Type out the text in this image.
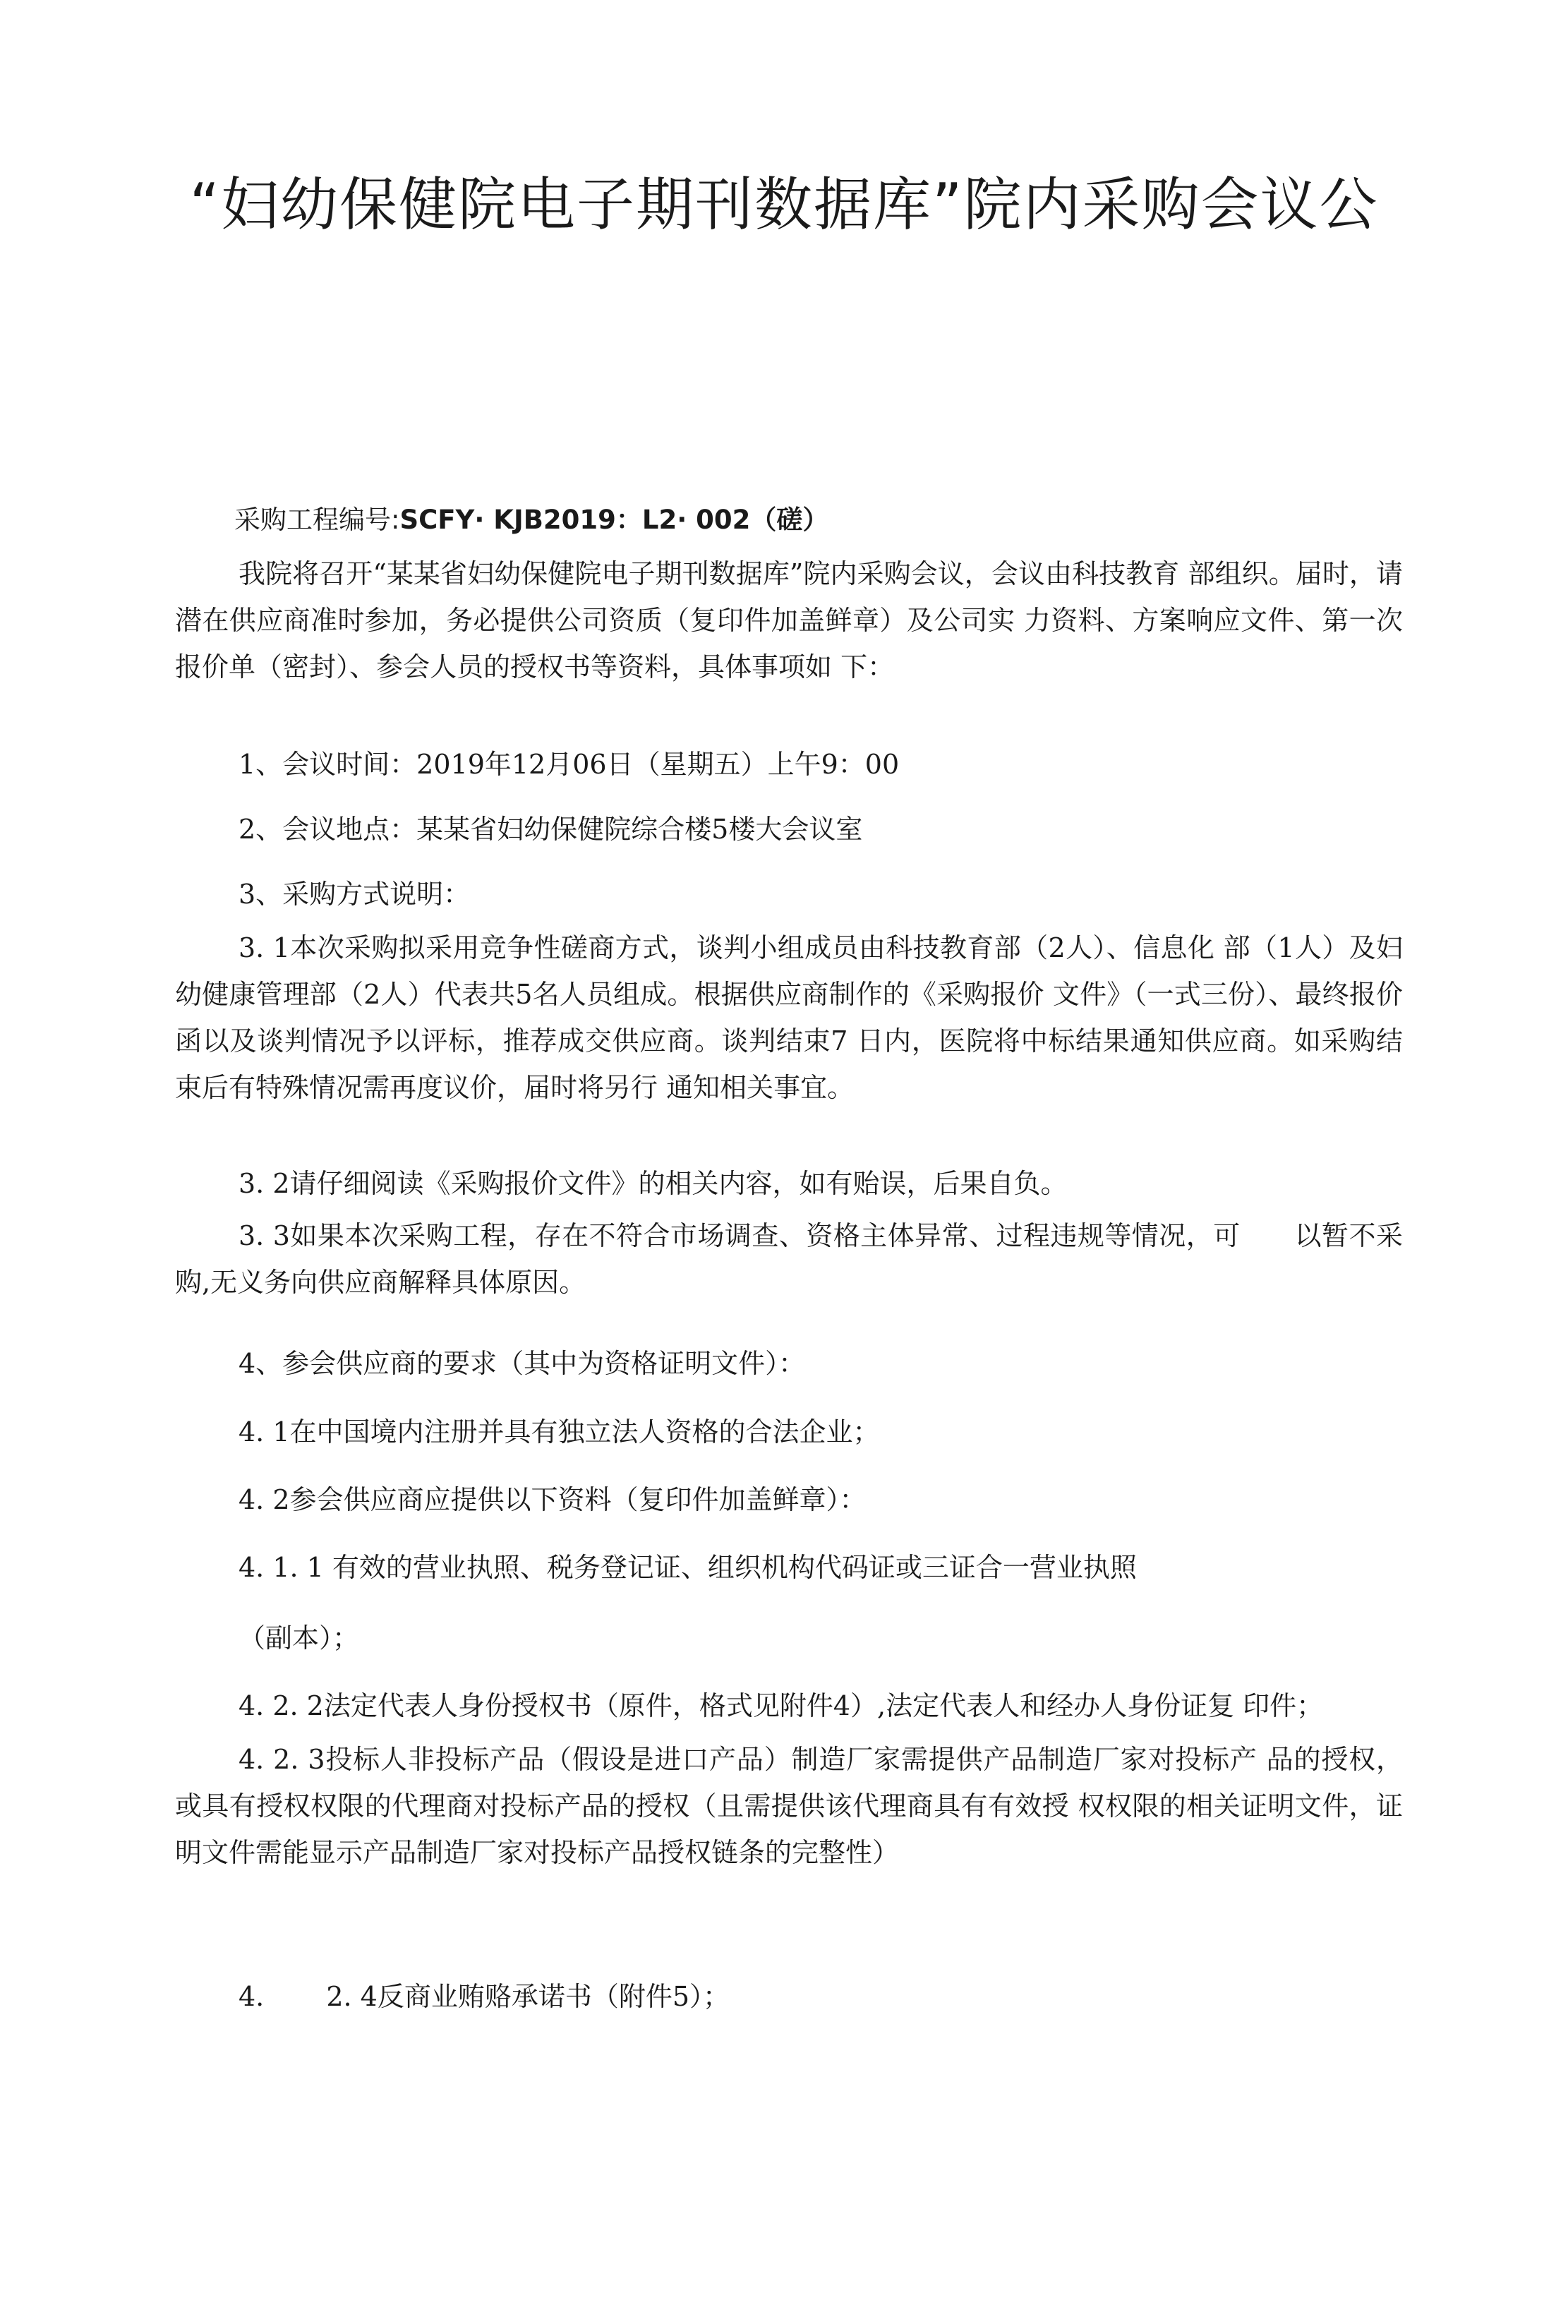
“妇幼保健院电子期刊数据库”院内采购会议公
采购工程编号:SCFY· KJB2019：L2· 002（磋）
我院将召开“某某省妇幼保健院电子期刊数据库”院内采购会议，会议由科技教育 部组织。届时，请潜在供应商准时参加，务必提供公司资质（复印件加盖鲜章）及公司实 力资料、方案响应文件、第一次报价单（密封）、参会人员的授权书等资料，具体事项如 下：
1、会议时间：2019年12月06日（星期五）上午9：00
2、会议地点：某某省妇幼保健院综合楼5楼大会议室
3、采购方式说明：
3. 1本次采购拟采用竞争性磋商方式，谈判小组成员由科技教育部（2人）、信息化 部（1人）及妇幼健康管理部（2人）代表共5名人员组成。根据供应商制作的《采购报价 文件》（一式三份）、最终报价函以及谈判情况予以评标，推荐成交供应商。谈判结束7 日内，医院将中标结果通知供应商。如采购结束后有特殊情况需再度议价，届时将另行 通知相关事宜。
3. 2请仔细阅读《采购报价文件》的相关内容，如有贻误，后果自负。
3. 3如果本次采购工程，存在不符合市场调查、资格主体异常、过程违规等情况，可　　以暂不采购,无义务向供应商解释具体原因。
4、参会供应商的要求（其中为资格证明文件）：
4. 1在中国境内注册并具有独立法人资格的合法企业；
4. 2参会供应商应提供以下资料（复印件加盖鲜章）：
4. 1. 1 有效的营业执照、税务登记证、组织机构代码证或三证合一营业执照
（副本）；
4. 2. 2法定代表人身份授权书（原件，格式见附件4）,法定代表人和经办人身份证复 印件；
4. 2. 3投标人非投标产品（假设是进口产品）制造厂家需提供产品制造厂家对投标产 品的授权，或具有授权权限的代理商对投标产品的授权（且需提供该代理商具有有效授 权权限的相关证明文件，证明文件需能显示产品制造厂家对投标产品授权链条的完整性）
4.　　 2. 4反商业贿赂承诺书（附件5）；
